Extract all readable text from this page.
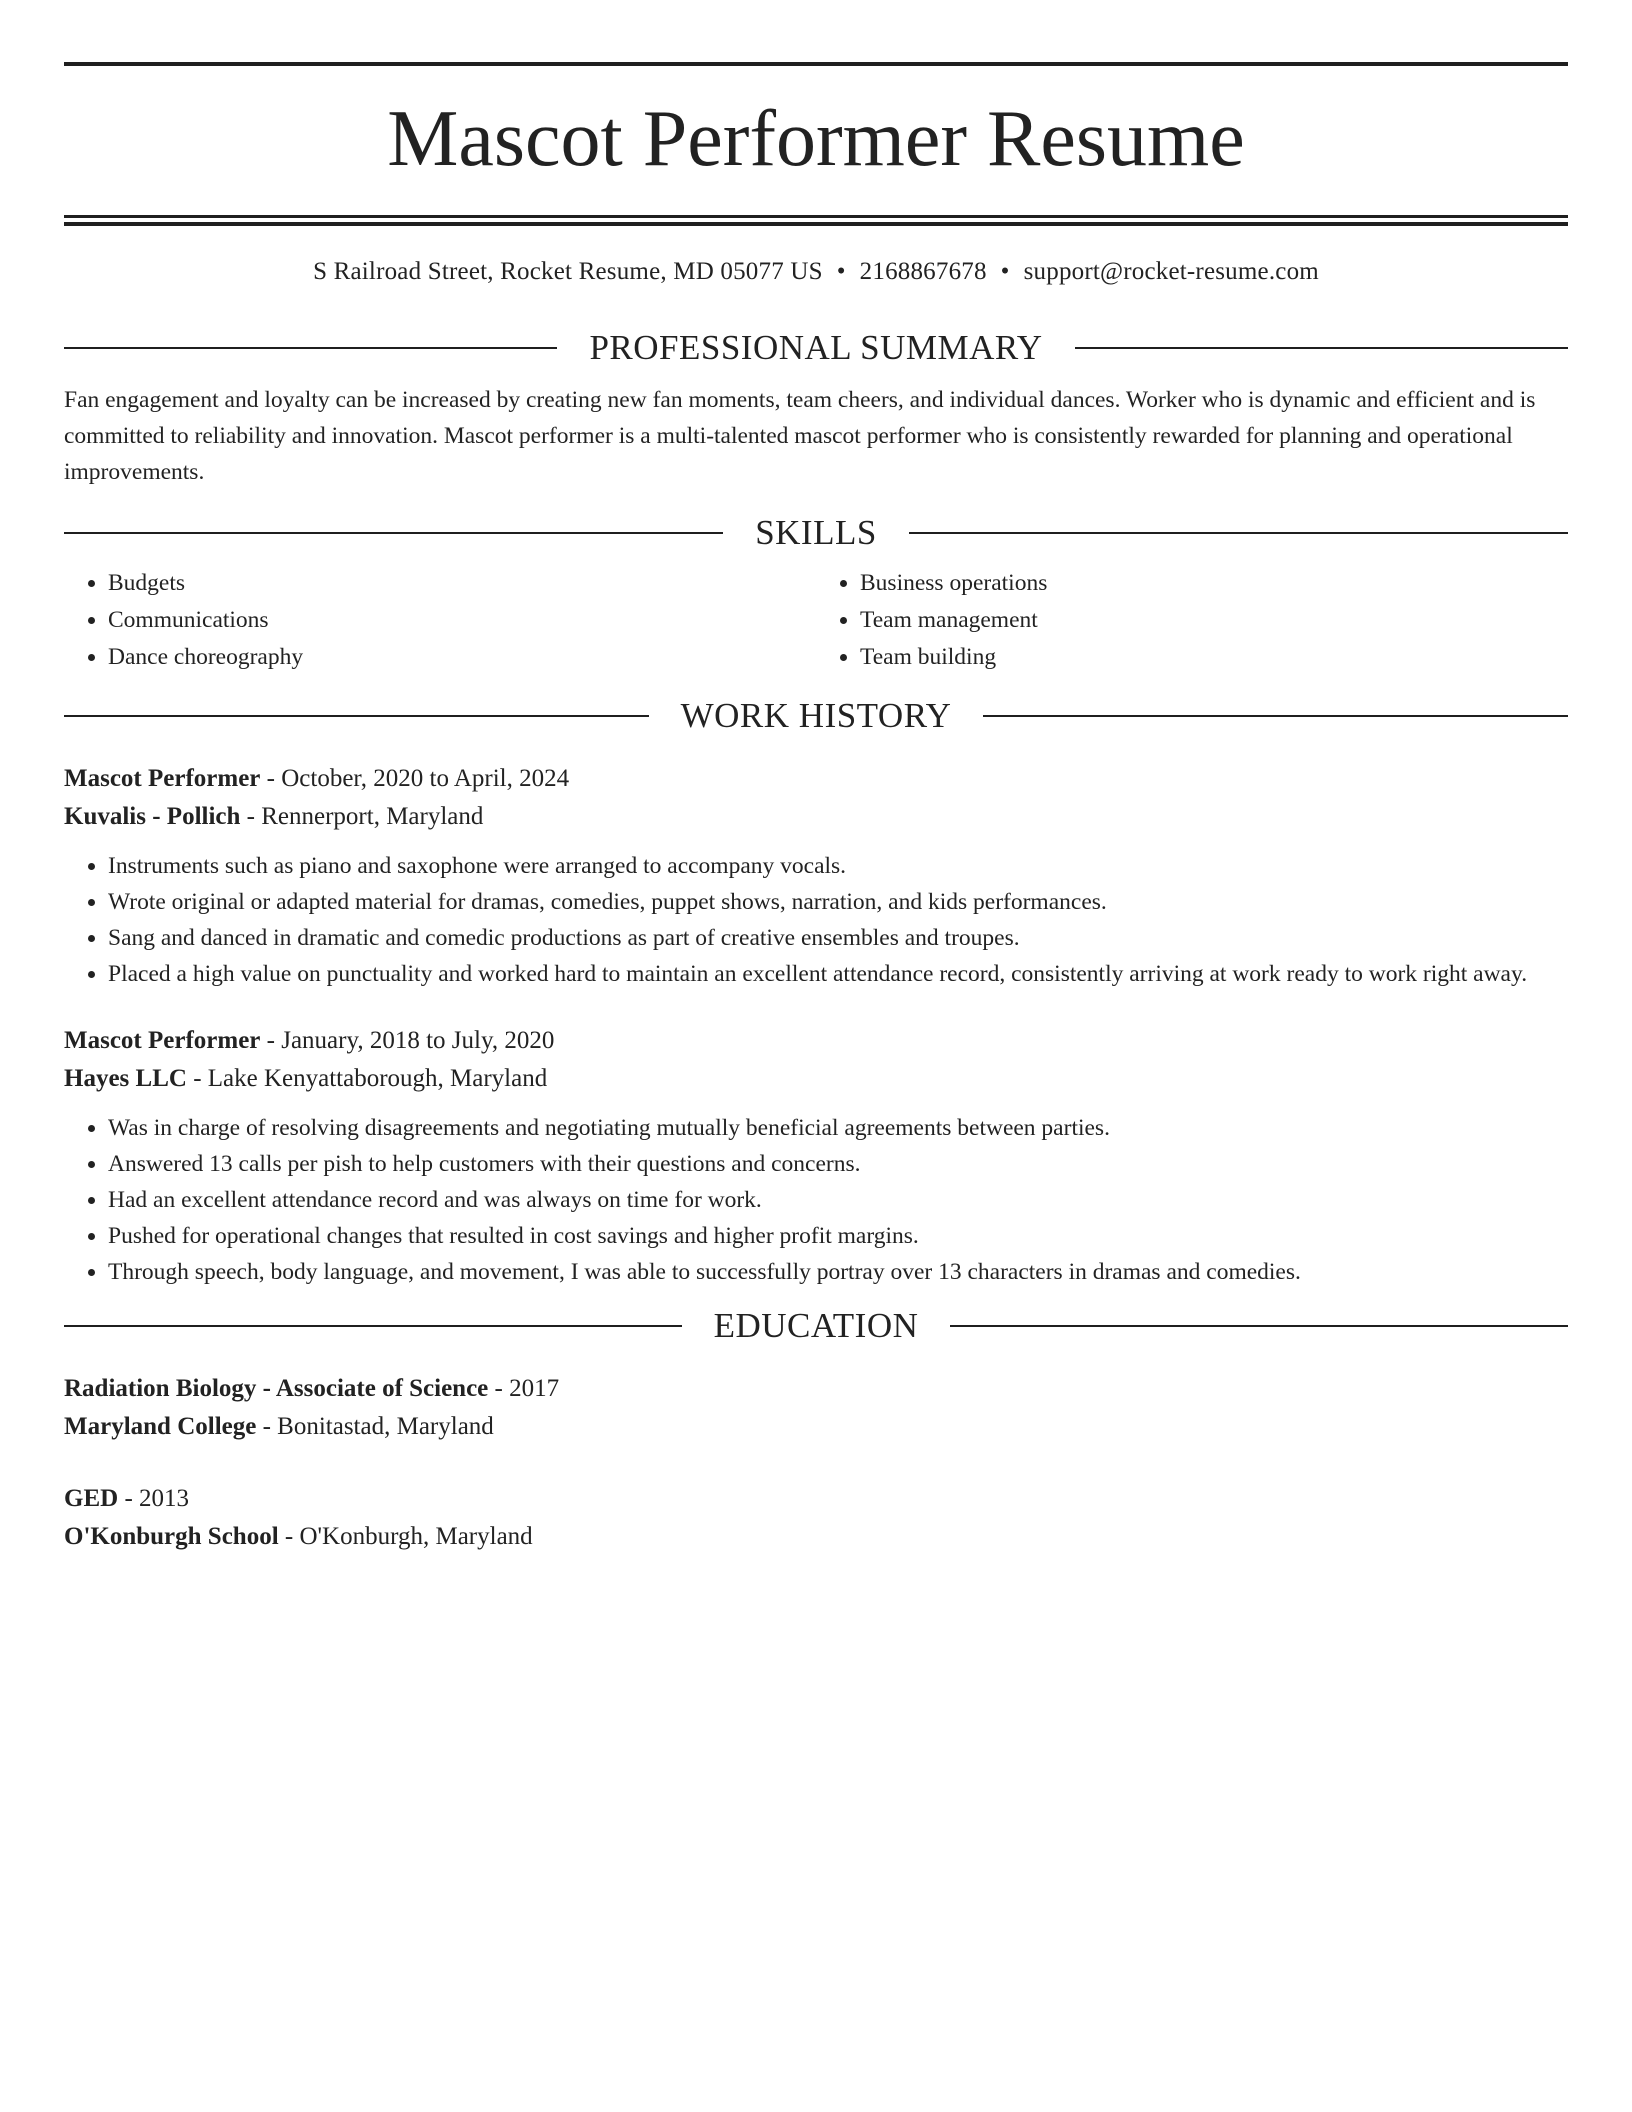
Mascot Performer Resume
S Railroad Street, Rocket Resume, MD 05077 US • 2168867678 • support@rocket-resume.com
PROFESSIONAL SUMMARY

Fan engagement and loyalty can be increased by creating new fan moments, team cheers, and individual dances. Worker who is dynamic and efficient and is committed to reliability and innovation. Mascot performer is a multi-talented mascot performer who is consistently rewarded for planning and operational improvements.

SKILLS
• Budgets
• Communications
• Dance choreography
• Business operations
• Team management
• Team building
WORK HISTORY
Mascot Performer - October, 2020 to April, 2024
Kuvalis - Pollich - Rennerport, Maryland
• Instruments such as piano and saxophone were arranged to accompany vocals.
• Wrote original or adapted material for dramas, comedies, puppet shows, narration, and kids performances.
• Sang and danced in dramatic and comedic productions as part of creative ensembles and troupes.
• Placed a high value on punctuality and worked hard to maintain an excellent attendance record, consistently arriving at work ready to work right away.
Mascot Performer - January, 2018 to July, 2020
Hayes LLC - Lake Kenyattaborough, Maryland
• Was in charge of resolving disagreements and negotiating mutually beneficial agreements between parties.
• Answered 13 calls per pish to help customers with their questions and concerns.
• Had an excellent attendance record and was always on time for work.
• Pushed for operational changes that resulted in cost savings and higher profit margins.
• Through speech, body language, and movement, I was able to successfully portray over 13 characters in dramas and comedies.
EDUCATION
Radiation Biology - Associate of Science - 2017
Maryland College - Bonitastad, Maryland
GED - 2013
O'Konburgh School - O'Konburgh, Maryland
